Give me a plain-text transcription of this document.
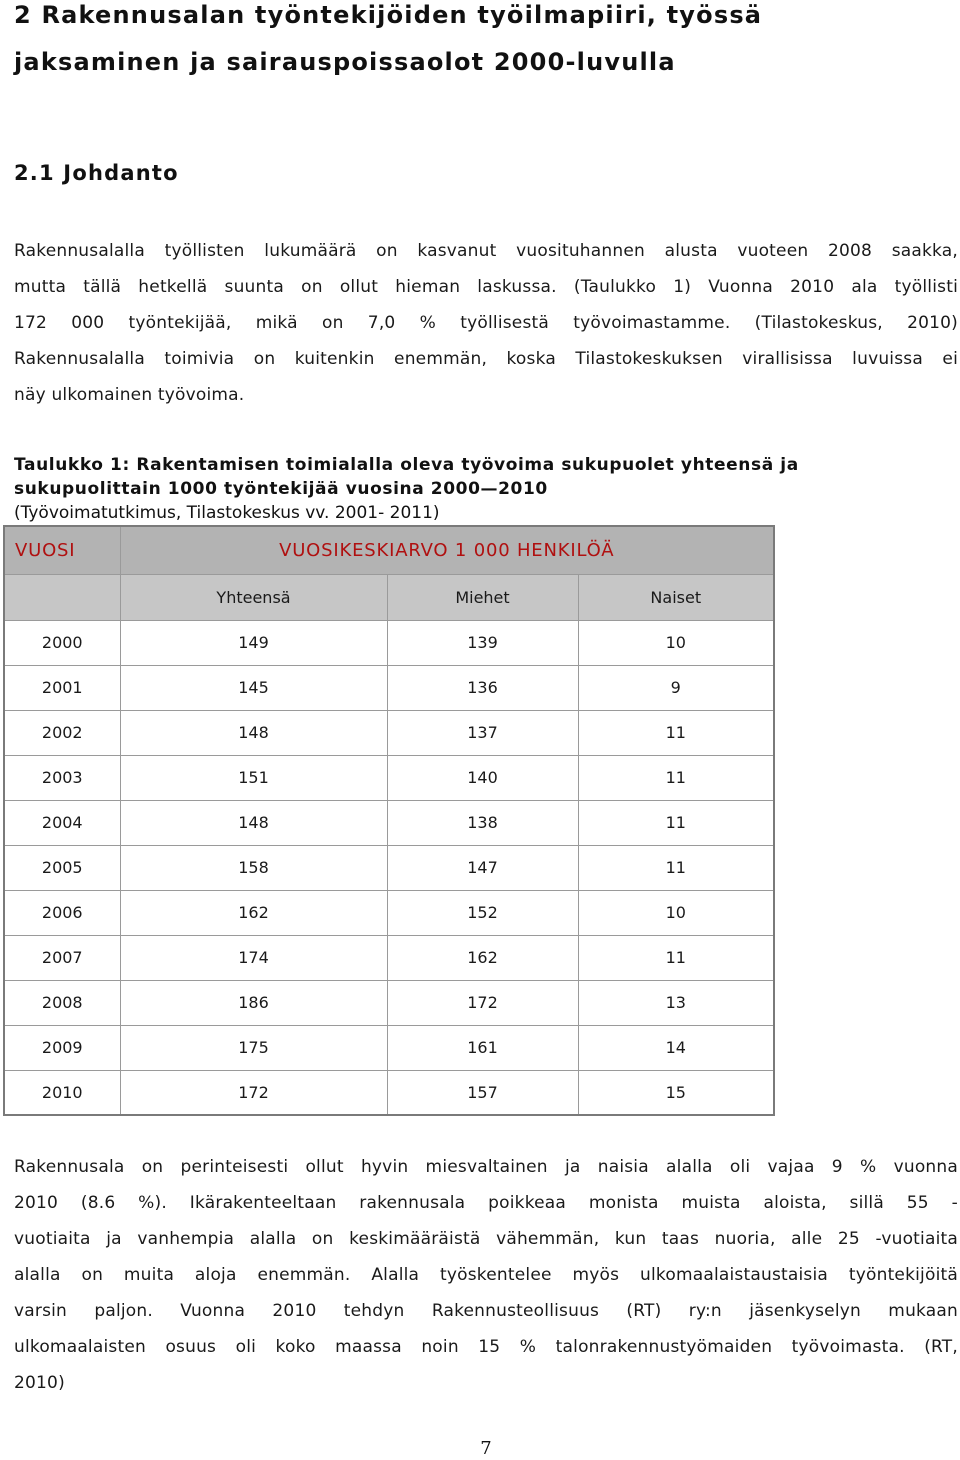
2 Rakennusalan työntekijöiden työilmapiiri, työssä
jaksaminen ja sairauspoissaolot 2000-luvulla
2.1 Johdanto
Rakennusalalla työllisten lukumäärä on kasvanut vuosituhannen alusta vuoteen 2008 saakka,
mutta tällä hetkellä suunta on ollut hieman laskussa. (Taulukko 1) Vuonna 2010 ala työllisti
172 000 työntekijää, mikä on 7,0 % työllisestä työvoimastamme. (Tilastokeskus, 2010)
Rakennusalalla toimivia on kuitenkin enemmän, koska Tilastokeskuksen virallisissa luvuissa ei
näy ulkomainen työvoima.
Taulukko 1: Rakentamisen toimialalla oleva työvoima sukupuolet yhteensä ja
sukupuolittain 1000 työntekijää vuosina 2000—2010
(Työvoimatutkimus, Tilastokeskus vv. 2001- 2011)
VUOSI	VUOSIKESKIARVO 1 000 HENKILÖÄ		
	Yhteensä	Miehet	Naiset
2000	149	139	10
2001	145	136	9
2002	148	137	11
2003	151	140	11
2004	148	138	11
2005	158	147	11
2006	162	152	10
2007	174	162	11
2008	186	172	13
2009	175	161	14
2010	172	157	15
Rakennusala on perinteisesti ollut hyvin miesvaltainen ja naisia alalla oli vajaa 9 % vuonna
2010 (8.6 %). Ikärakenteeltaan rakennusala poikkeaa monista muista aloista, sillä 55 -
vuotiaita ja vanhempia alalla on keskimääräistä vähemmän, kun taas nuoria, alle 25 -vuotiaita
alalla on muita aloja enemmän. Alalla työskentelee myös ulkomaalaistaustaisia työntekijöitä
varsin paljon. Vuonna 2010 tehdyn Rakennusteollisuus (RT) ry:n jäsenkyselyn mukaan
ulkomaalaisten osuus oli koko maassa noin 15 % talonrakennustyömaiden työvoimasta. (RT,
2010)
7
